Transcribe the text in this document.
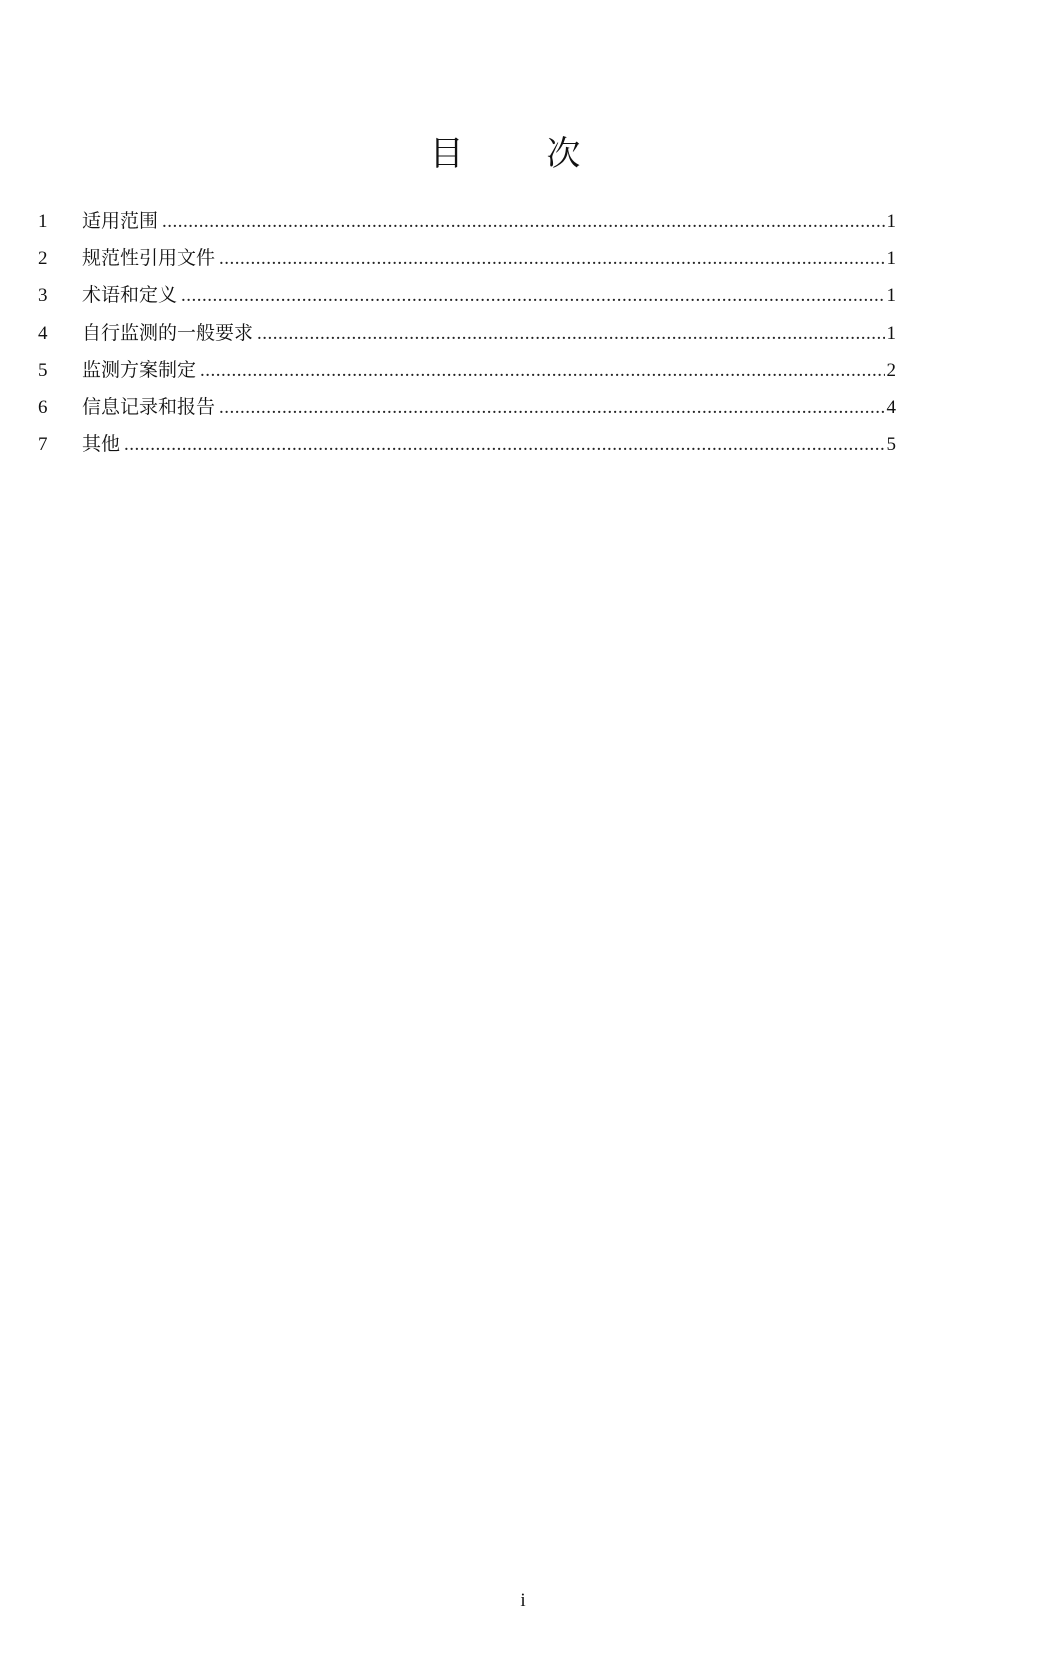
目 次
1	适用范围 .....	1
2	规范性引用文件 .....	1
3	术语和定义 .....	1
4	自行监测的一般要求 .....	1
5	监测方案制定 .....	2
6	信息记录和报告 .....	4
7	其他 .....	5
i
